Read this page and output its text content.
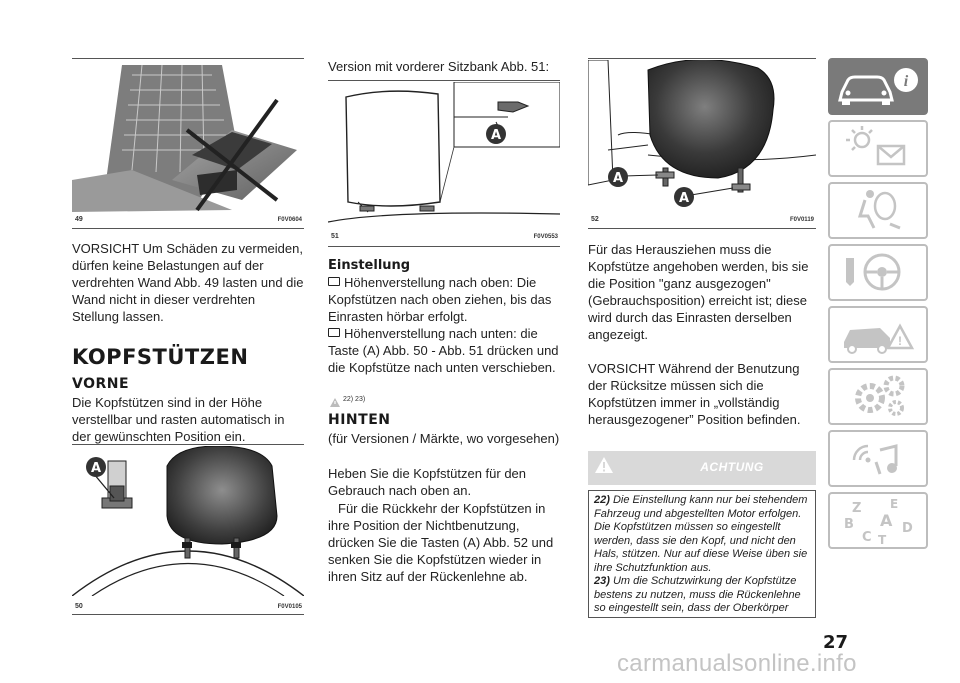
49	F0V0604
VORSICHT Um Schäden zu vermeiden, dürfen keine Belastungen auf der verdrehten Wand Abb. 49 lasten und die Wand nicht in dieser verdrehten Stellung lassen.
KOPFSTÜTZEN
VORNE
Die Kopfstützen sind in der Höhe verstellbar und rasten automatisch in der gewünschten Position ein.
A
50	F0V0105
Version mit vorderer Sitzbank Abb. 51:
A
51	F0V0553
Einstellung
Höhenverstellung nach oben: Die Kopfstützen nach oben ziehen, bis das Einrasten hörbar erfolgt.
Höhenverstellung nach unten: die Taste (A) Abb. 50 - Abb. 51 drücken und die Kopfstütze nach unten verschieben.
22) 23)
HINTEN
(für Versionen / Märkte, wo vorgesehen)
Heben Sie die Kopfstützen für den Gebrauch nach oben an.
Für die Rückkehr der Kopfstützen in ihre Position der Nichtbenutzung, drücken Sie die Tasten (A) Abb. 52 und senken Sie die Kopfstützen wieder in ihren Sitz auf der Rückenlehne ab.
A
A
52	F0V0119
Für das Herausziehen muss die Kopfstütze angehoben werden, bis sie die Position "ganz ausgezogen" (Gebrauchsposition) erreicht ist; diese wird durch das Einrasten derselben angezeigt.
VORSICHT Während der Benutzung der Rücksitze müssen sich die Kopfstützen immer in „vollständig herausgezogener” Position befinden.
ACHTUNG
22) Die Einstellung kann nur bei stehendem Fahrzeug und abgestellten Motor erfolgen. Die Kopfstützen müssen so eingestellt werden, dass sie den Kopf, und nicht den Hals, stützen. Nur auf diese Weise üben sie ihre Schutzfunktion aus.
23) Um die Schutzwirkung der Kopfstütze bestens zu nutzen, muss die Rückenlehne so eingestellt sein, dass der Oberkörper
i
!
Z E
B A
C T
D
27
carmanualsonline.info
